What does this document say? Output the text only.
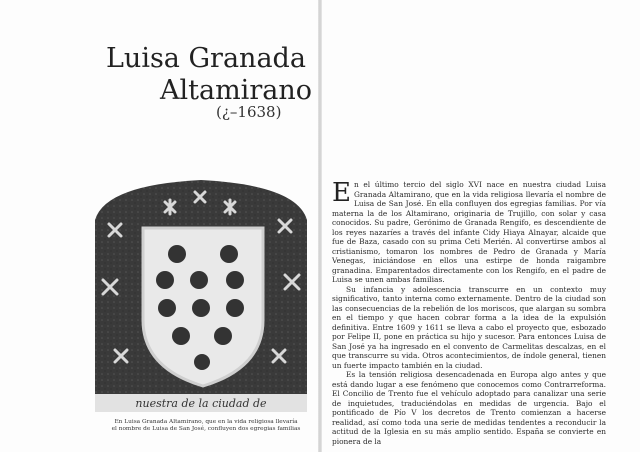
Luisa Granada
Altamirano
(¿–1638)
nuestra de la ciudad de

En Luisa Granada Altamirano, que en la vida religiosa llevaría

el nombre de Luisa de San José, confluyen dos egregias familias

En el último tercio del siglo XVI nace en nuestra ciudad Luisa Granada Altamirano, que en la vida religiosa llevaría el nombre de Luisa de San José. En ella confluyen dos egregias familias. Por vía materna la de los Altamirano, originaria de Trujillo, con solar y casa conocidos. Su padre, Gerónimo de Granada Rengifo, es descendiente de los reyes nazaríes a través del infante Cidy Hiaya Alnayar, alcaide que fue de Baza, casado con su prima Ceti Merién. Al convertirse ambos al cristianismo, tomaron los nombres de Pedro de Granada y María Venegas, iniciándose en ellos una estirpe de honda raigambre granadina. Emparentados directamente con los Rengifo, en el padre de Luisa se unen ambas familias.

Su infancia y adolescencia transcurre en un contexto muy significativo, tanto interna como externamente. Dentro de la ciudad son las consecuencias de la rebelión de los moriscos, que alargan su sombra en el tiempo y que hacen cobrar forma a la idea de la expulsión definitiva. Entre 1609 y 1611 se lleva a cabo el proyecto que, esbozado por Felipe II, pone en práctica su hijo y sucesor. Para entonces Luisa de San José ya ha ingresado en el convento de Carmelitas descalzas, en el que transcurre su vida. Otros acontecimientos, de índole general, tienen un fuerte impacto también en la ciudad.

Es la tensión religiosa desencadenada en Europa algo antes y que está dando lugar a ese fenómeno que conocemos como Contrarreforma. El Concilio de Trento fue el vehículo adoptado para canalizar una serie de inquietudes, traduciéndolas en medidas de urgencia. Bajo el pontificado de Pío V los decretos de Trento comienzan a hacerse realidad, así como toda una serie de medidas tendentes a reconducir la actitud de la Iglesia en su más amplio sentido. España se convierte en pionera de la
